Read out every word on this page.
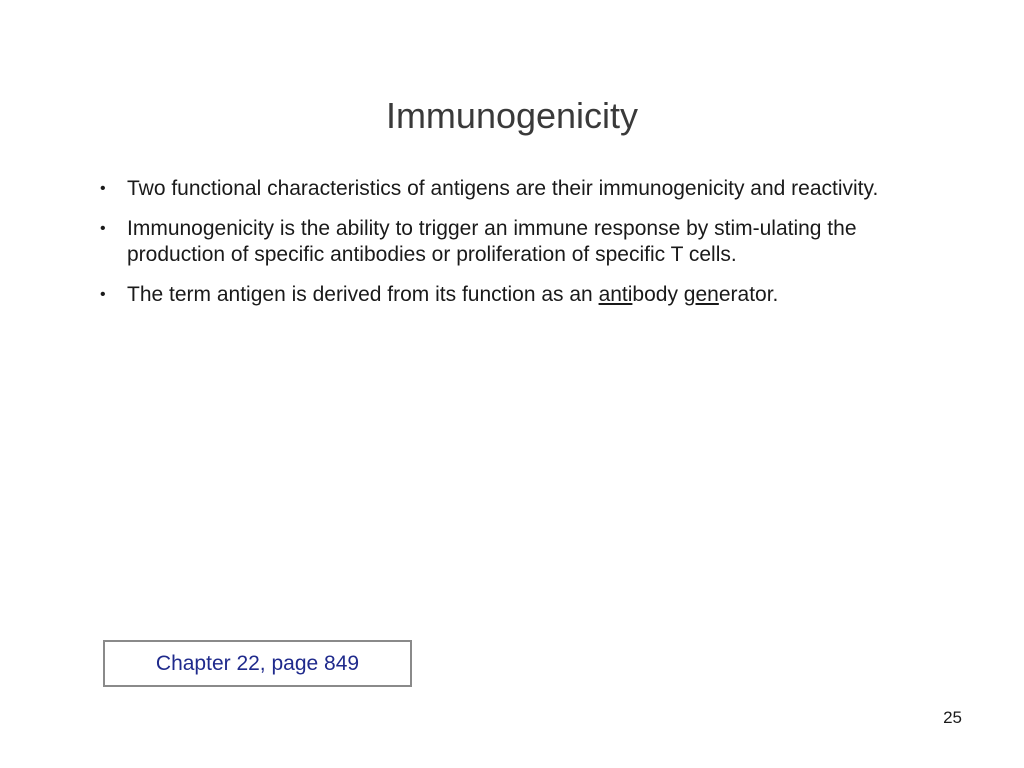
Immunogenicity
• Two functional characteristics of antigens are their immunogenicity and reactivity.
• Immunogenicity is the ability to trigger an immune response by stim-ulating the production of specific antibodies or proliferation of specific T cells.
• The term antigen is derived from its function as an antibody generator.
Chapter 22, page 849
25
